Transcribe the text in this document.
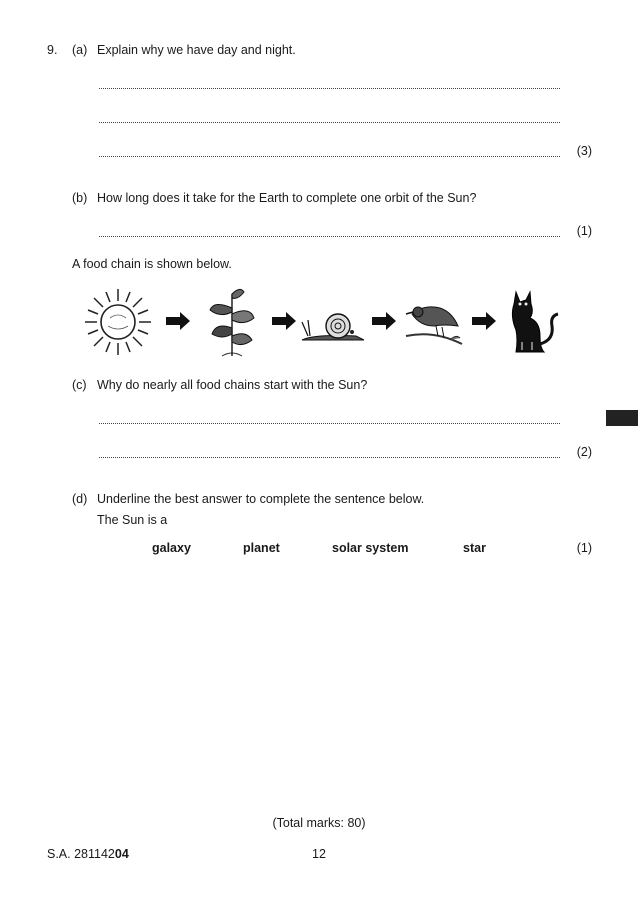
9. (a) Explain why we have day and night.
(3)
(b) How long does it take for the Earth to complete one orbit of the Sun?
(1)
A food chain is shown below.
(c) Why do nearly all food chains start with the Sun?
(2)
(d) Underline the best answer to complete the sentence below.
The Sun is a
galaxy	planet	solar system	star	(1)
(Total marks: 80)
S.A. 28114204	12
